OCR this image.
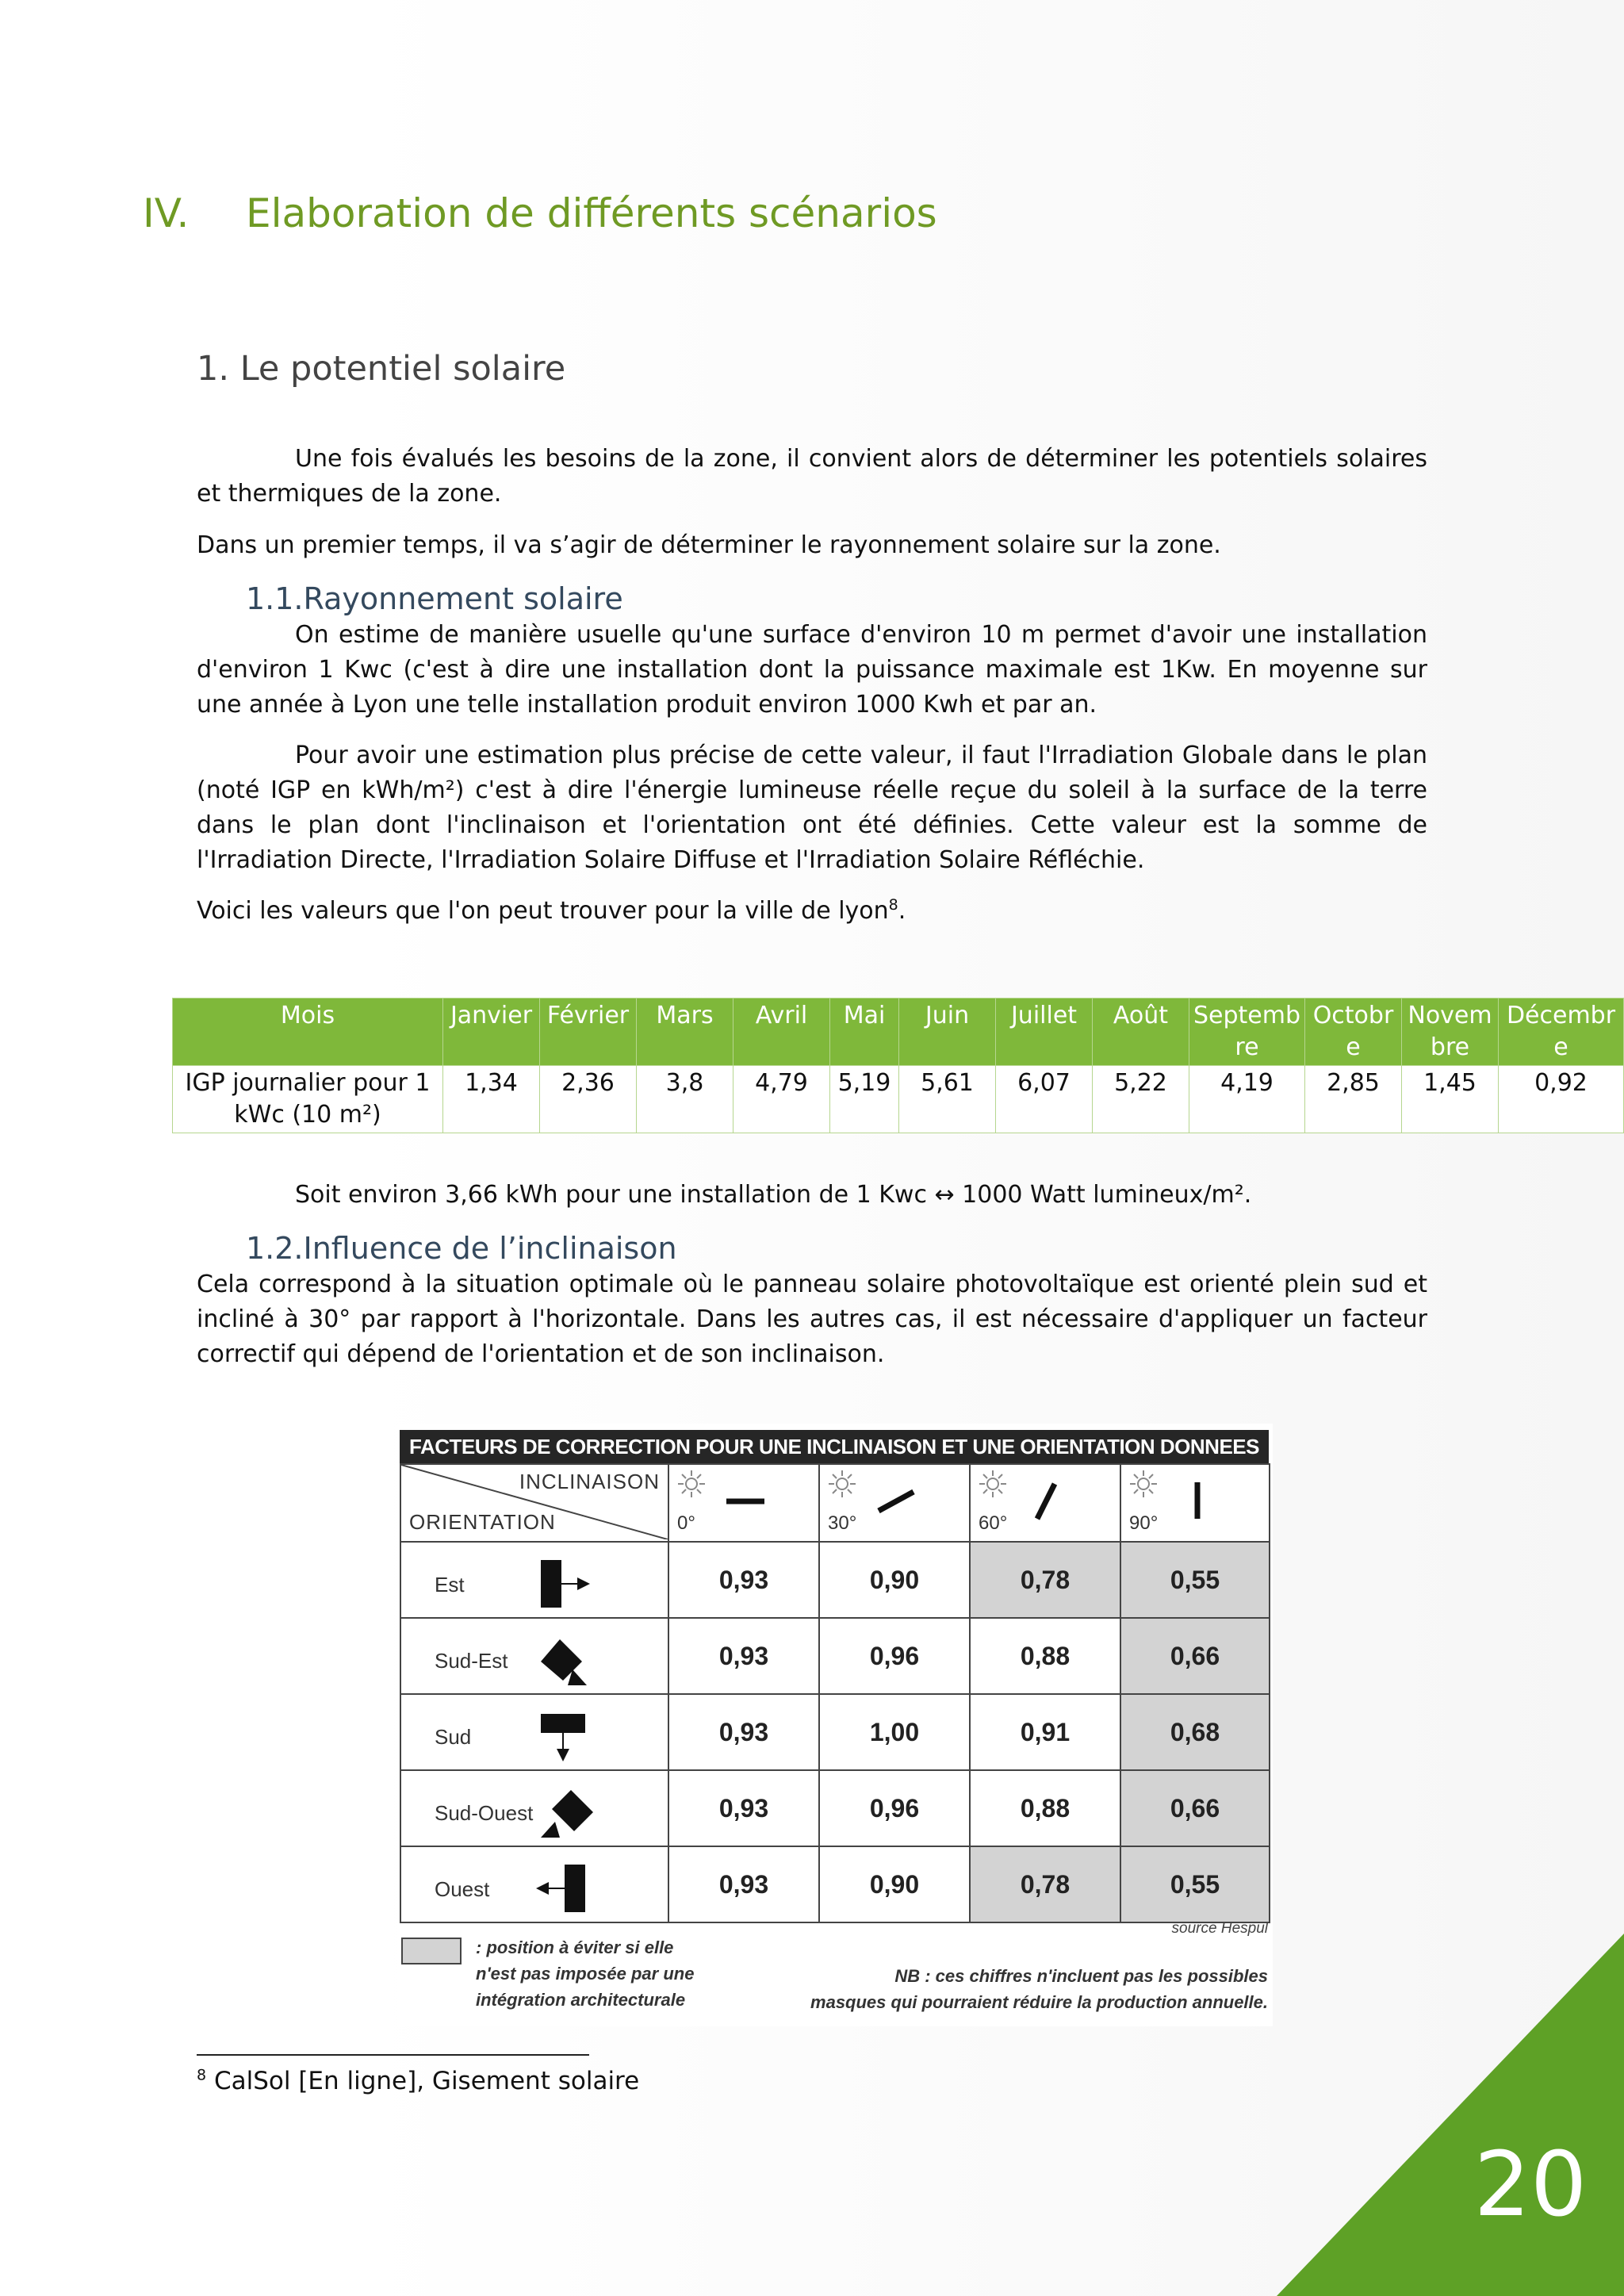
IV. Elaboration de différents scénarios
1. Le potentiel solaire

Une fois évalués les besoins de la zone, il convient alors de déterminer les potentiels solaires et thermiques de la zone.

Dans un premier temps, il va s’agir de déterminer le rayonnement solaire sur la zone.

1.1.Rayonnement solaire

On estime de manière usuelle qu'une surface d'environ 10 m permet d'avoir une installation d'environ 1 Kwc (c'est à dire une installation dont la puissance maximale est 1Kw. En moyenne sur une année à Lyon une telle installation produit environ 1000 Kwh et par an.

Pour avoir une estimation plus précise de cette valeur, il faut l'Irradiation Globale dans le plan (noté IGP en kWh/m²) c'est à dire l'énergie lumineuse réelle reçue du soleil à la surface de la terre dans le plan dont l'inclinaison et l'orientation ont été définies. Cette valeur est la somme de l'Irradiation Directe, l'Irradiation Solaire Diffuse et l'Irradiation Solaire Réfléchie.

Voici les valeurs que l'on peut trouver pour la ville de lyon$^8$.

Mois	Janvier	Février	Mars	Avril	Mai	Juin	Juillet	Août	Septembre	Octobre	Novembre	Décembre
IGP journalier pour 1 kWc (10 m²)	1,34	2,36	3,8	4,79	5,19	5,61	6,07	5,22	4,19	2,85	1,45	0,92

Soit environ 3,66 kWh pour une installation de 1 Kwc ↔ 1000 Watt lumineux/m².

1.2.Influence de l’inclinaison

Cela correspond à la situation optimale où le panneau solaire photovoltaïque est orienté plein sud et incliné à 30° par rapport à l'horizontale. Dans les autres cas, il est nécessaire d'appliquer un facteur correctif qui dépend de l'orientation et de son inclinaison.

FACTEURS DE CORRECTION POUR UNE INCLINAISON ET UNE ORIENTATION DONNEES
INCLINAISON
ORIENTATION	0°	30°	60°	90°

Est	0,93	0,90	0,78	0,55

Sud-Est	0,93	0,96	0,88	0,66

Sud	0,93	1,00	0,91	0,68

Sud-Ouest	0,93	0,96	0,88	0,66

Ouest	0,93	0,90	0,78	0,55
: position à éviter si elle
n'est pas imposée par une
intégration architecturale
source Hespul
NB : ces chiffres n'incluent pas les possibles
masques qui pourraient réduire la production annuelle.

$^8$ CalSol [En ligne], Gisement solaire

20
